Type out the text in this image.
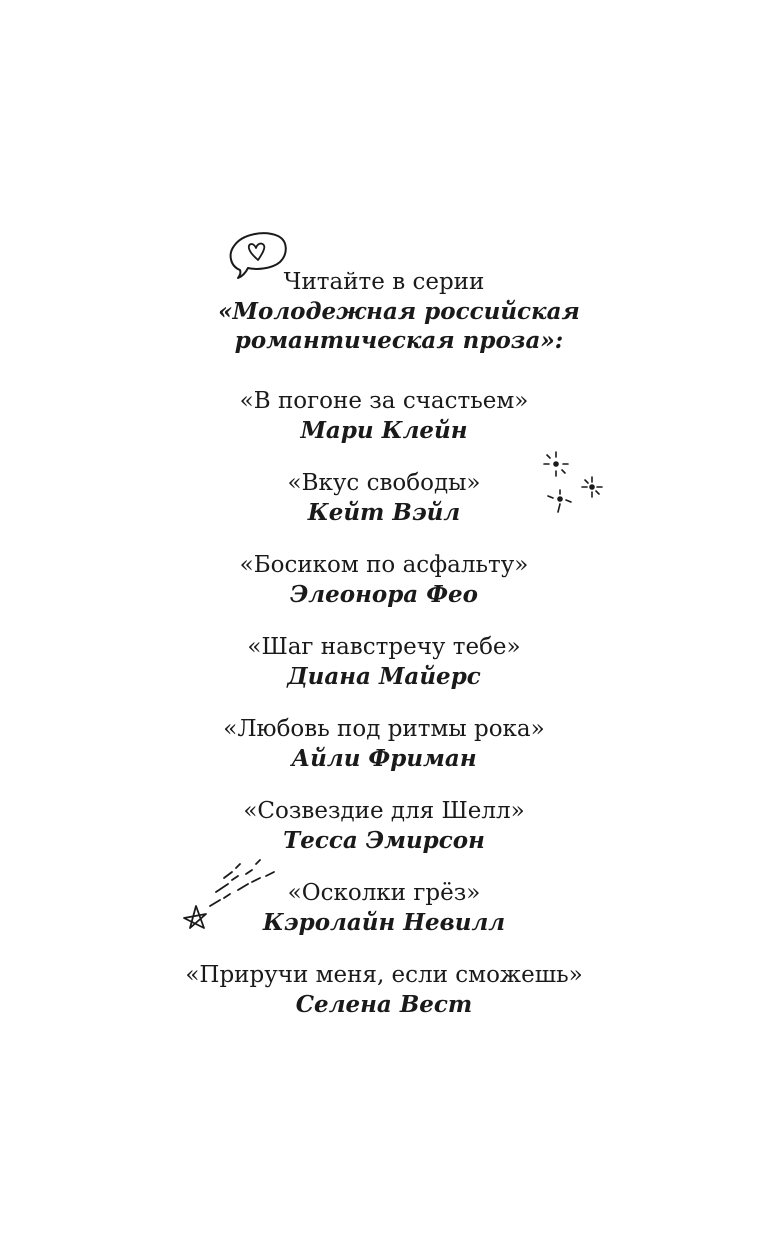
Читайте в серии

«Молодежная российская романтическая проза»:

«В погоне за счастьем»
Мари Клейн
«Вкус свободы»
Кейт Вэйл
«Босиком по асфальту»
Элеонора Фео
«Шаг навстречу тебе»
Диана Майерс
«Любовь под ритмы рока»
Айли Фриман
«Созвездие для Шелл»
Тесса Эмирсон
«Осколки грёз»
Кэролайн Невилл
«Приручи меня, если сможешь»
Селена Вест
